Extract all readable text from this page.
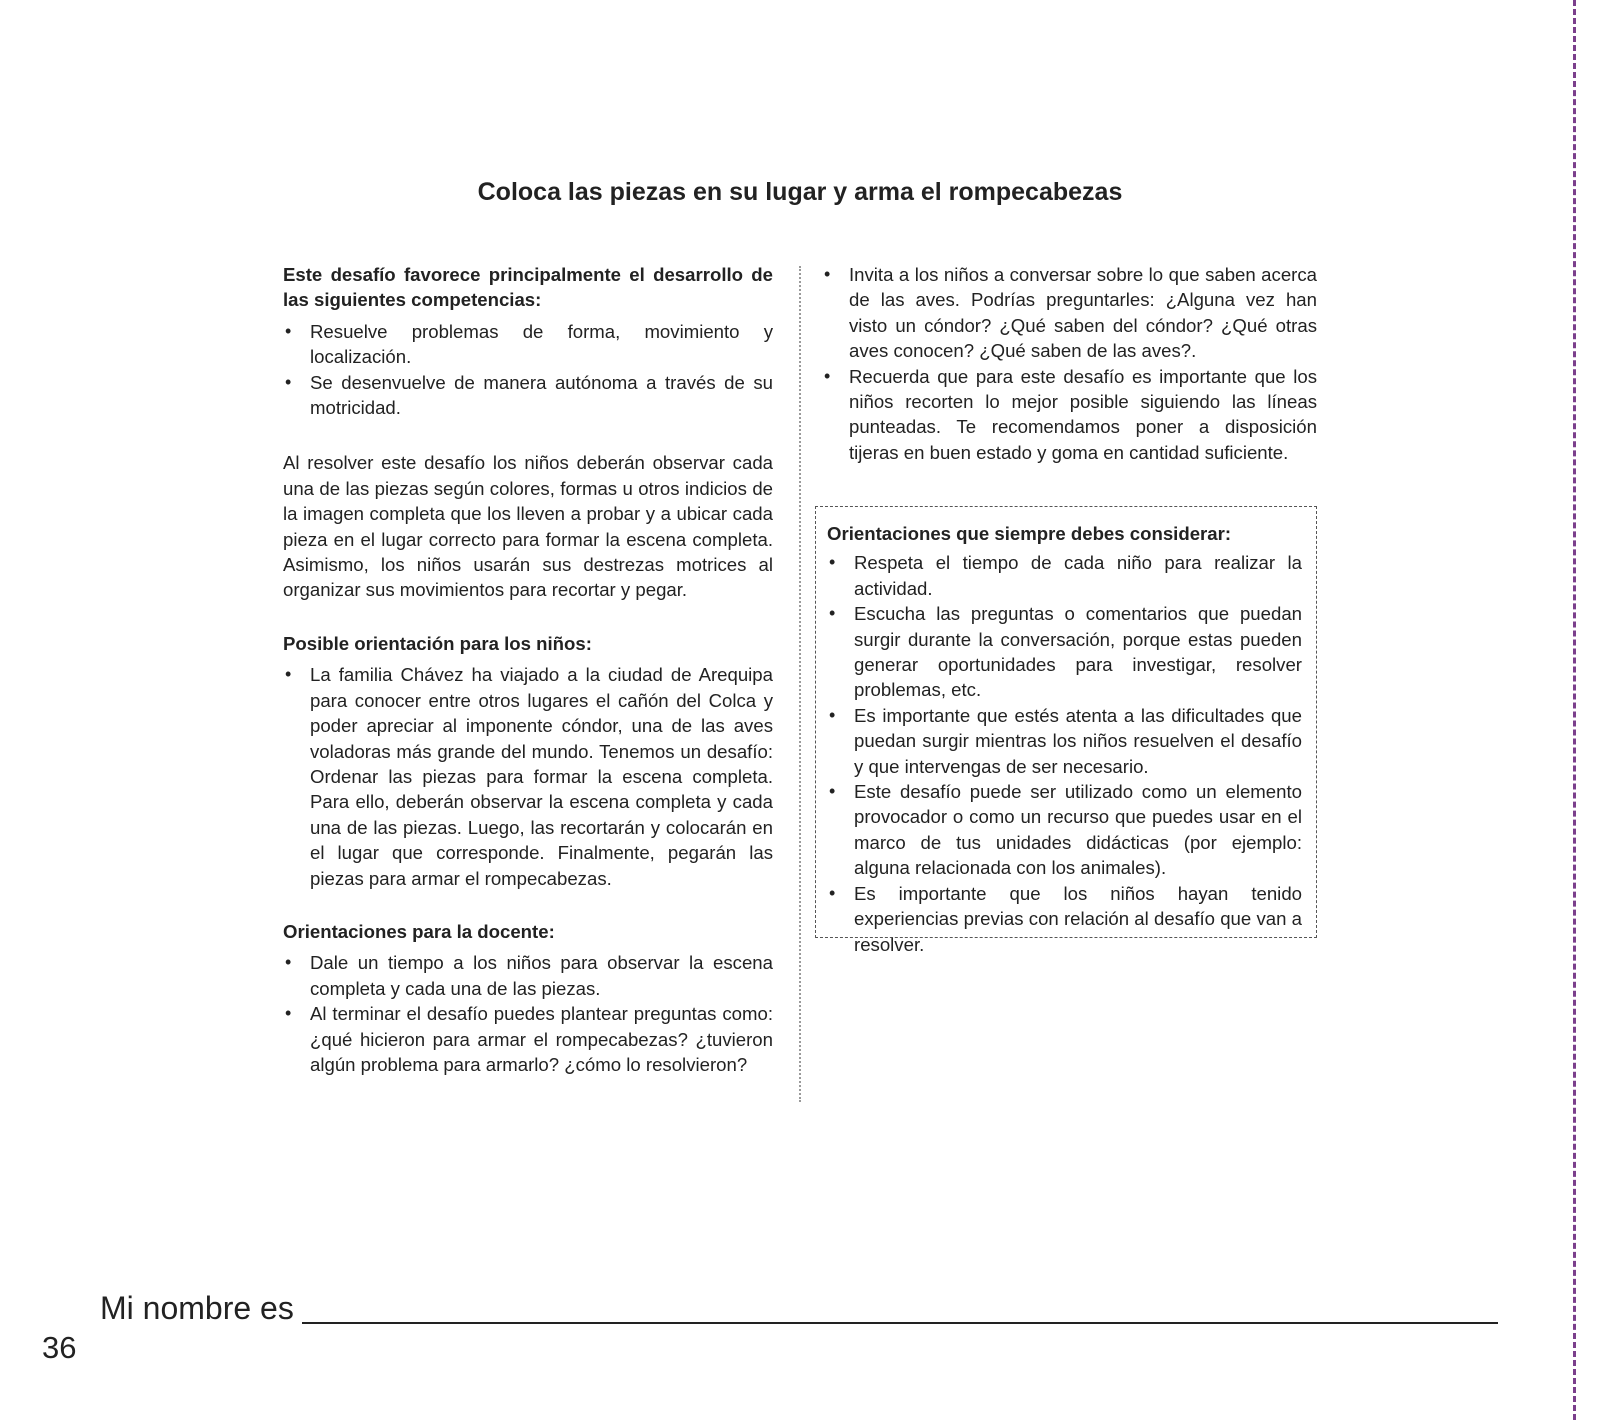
Coloca las piezas en su lugar y arma el rompecabezas

Este desafío favorece principalmente el desarrollo de las siguientes competencias:

• Resuelve problemas de forma, movimiento y localización.
• Se desenvuelve de manera autónoma a través de su motricidad.

Al resolver este desafío los niños deberán observar cada una de las piezas según colores, formas u otros indicios de la imagen completa que los lleven a probar y a ubicar cada pieza en el lugar correcto para formar la escena completa. Asimismo, los niños usarán sus destrezas motrices al organizar sus movimientos para recortar y pegar.

Posible orientación para los niños:

• La familia Chávez ha viajado a la ciudad de Arequipa para conocer entre otros lugares el cañón del Colca y poder apreciar al imponente cóndor, una de las aves voladoras más grande del mundo. Tenemos un desafío: Ordenar las piezas para formar la escena completa. Para ello, deberán observar la escena completa y cada una de las piezas. Luego, las recortarán y colocarán en el lugar que corresponde. Finalmente, pegarán las piezas para armar el rompecabezas.

Orientaciones para la docente:

• Dale un tiempo a los niños para observar la escena completa y cada una de las piezas.
• Al terminar el desafío puedes plantear preguntas como: ¿qué hicieron para armar el rompecabezas? ¿tuvieron algún problema para armarlo? ¿cómo lo resolvieron?
• Invita a los niños a conversar sobre lo que saben acerca de las aves. Podrías preguntarles: ¿Alguna vez han visto un cóndor? ¿Qué saben del cóndor? ¿Qué otras aves conocen? ¿Qué saben de las aves?.
• Recuerda que para este desafío es importante que los niños recorten lo mejor posible siguiendo las líneas punteadas. Te recomendamos poner a disposición tijeras en buen estado y goma en cantidad suficiente.

Orientaciones que siempre debes considerar:

• Respeta el tiempo de cada niño para realizar la actividad.
• Escucha las preguntas o comentarios que puedan surgir durante la conversación, porque estas pueden generar oportunidades para investigar, resolver problemas, etc.
• Es importante que estés atenta a las dificultades que puedan surgir mientras los niños resuelven el desafío y que intervengas de ser necesario.
• Este desafío puede ser utilizado como un elemento provocador o como un recurso que puedes usar en el marco de tus unidades didácticas (por ejemplo: alguna relacionada con los animales).
• Es importante que los niños hayan tenido experiencias previas con relación al desafío que van a resolver.
Mi nombre es
36
